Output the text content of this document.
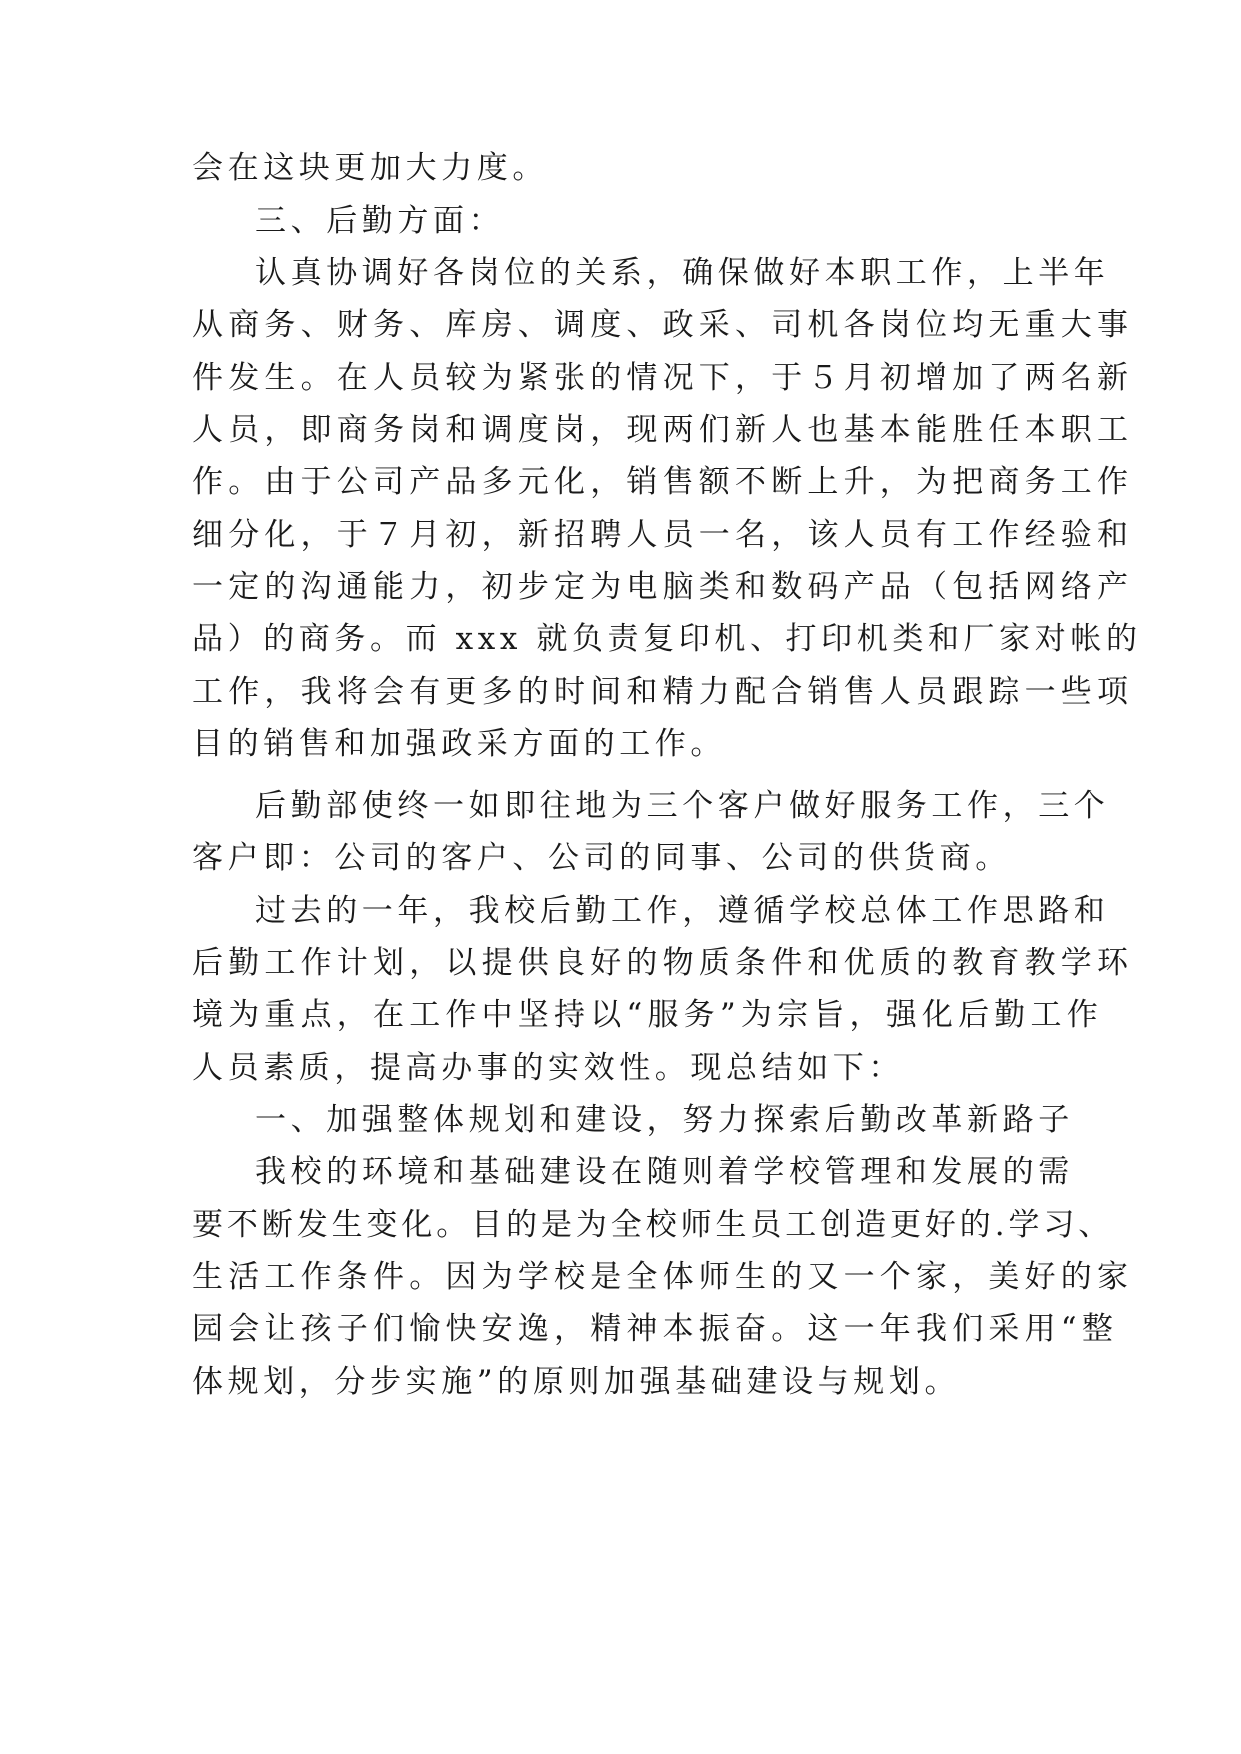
会在这块更加大力度。

三、后勤方面：

认真协调好各岗位的关系，确保做好本职工作，上半年

从商务、财务、库房、调度、政采、司机各岗位均无重大事

件发生。在人员较为紧张的情况下，于５月初增加了两名新

人员，即商务岗和调度岗，现两们新人也基本能胜任本职工

作。由于公司产品多元化，销售额不断上升，为把商务工作

细分化，于７月初，新招聘人员一名，该人员有工作经验和

一定的沟通能力，初步定为电脑类和数码产品（包括网络产

品）的商务。而 xxx 就负责复印机、打印机类和厂家对帐的

工作，我将会有更多的时间和精力配合销售人员跟踪一些项

目的销售和加强政采方面的工作。

后勤部使终一如即往地为三个客户做好服务工作，三个

客户即：公司的客户、公司的同事、公司的供货商。

过去的一年，我校后勤工作，遵循学校总体工作思路和

后勤工作计划，以提供良好的物质条件和优质的教育教学环

境为重点，在工作中坚持以“服务”为宗旨，强化后勤工作

人员素质，提高办事的实效性。现总结如下：

一、加强整体规划和建设，努力探索后勤改革新路子

我校的环境和基础建设在随则着学校管理和发展的需

要不断发生变化。目的是为全校师生员工创造更好的.学习、

生活工作条件。因为学校是全体师生的又一个家，美好的家

园会让孩子们愉快安逸，精神本振奋。这一年我们采用“整

体规划，分步实施”的原则加强基础建设与规划。
